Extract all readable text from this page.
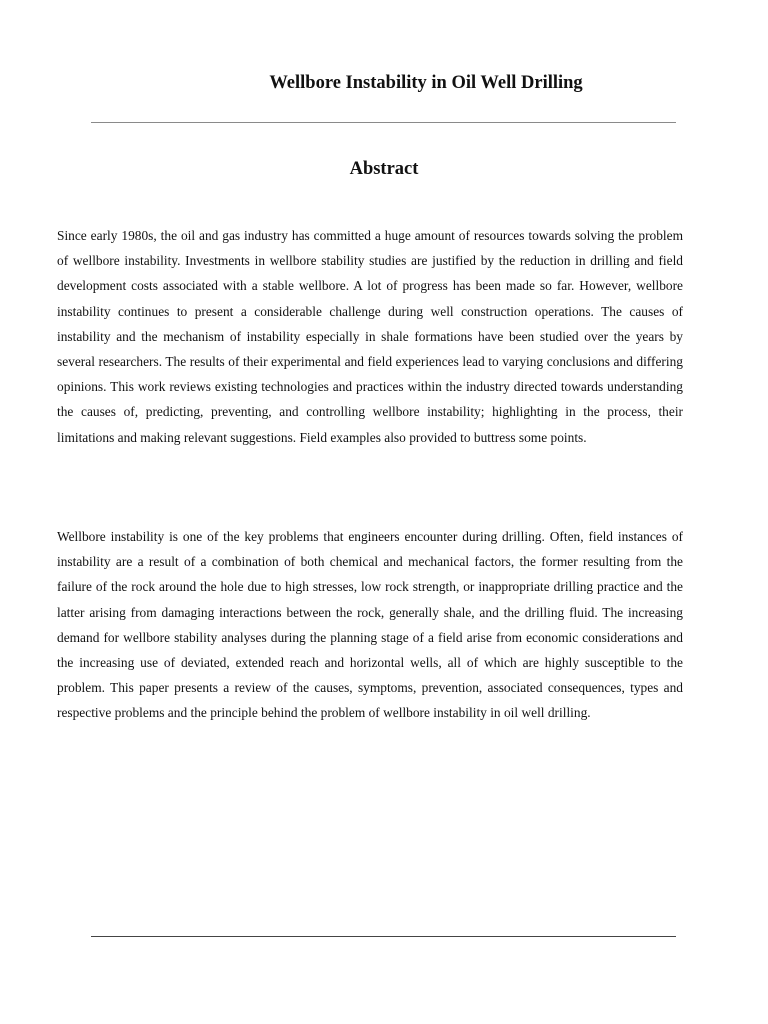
Wellbore Instability in Oil Well Drilling
Abstract

Since early 1980s, the oil and gas industry has committed a huge amount of resources towards solving the problem of wellbore instability. Investments in wellbore stability studies are justified by the reduction in drilling and field development costs associated with a stable wellbore. A lot of progress has been made so far. However, wellbore instability continues to present a considerable challenge during well construction operations. The causes of instability and the mechanism of instability especially in shale formations have been studied over the years by several researchers. The results of their experimental and field experiences lead to varying conclusions and differing opinions. This work reviews existing technologies and practices within the industry directed towards understanding the causes of, predicting, preventing, and controlling wellbore instability; highlighting in the process, their limitations and making relevant suggestions. Field examples also provided to buttress some points.

Wellbore instability is one of the key problems that engineers encounter during drilling. Often, field instances of instability are a result of a combination of both chemical and mechanical factors, the former resulting from the failure of the rock around the hole due to high stresses, low rock strength, or inappropriate drilling practice and the latter arising from damaging interactions between the rock, generally shale, and the drilling fluid. The increasing demand for wellbore stability analyses during the planning stage of a field arise from economic considerations and the increasing use of deviated, extended reach and horizontal wells, all of which are highly susceptible to the problem. This paper presents a review of the causes, symptoms, prevention, associated consequences, types and respective problems and the principle behind the problem of wellbore instability in oil well drilling.
